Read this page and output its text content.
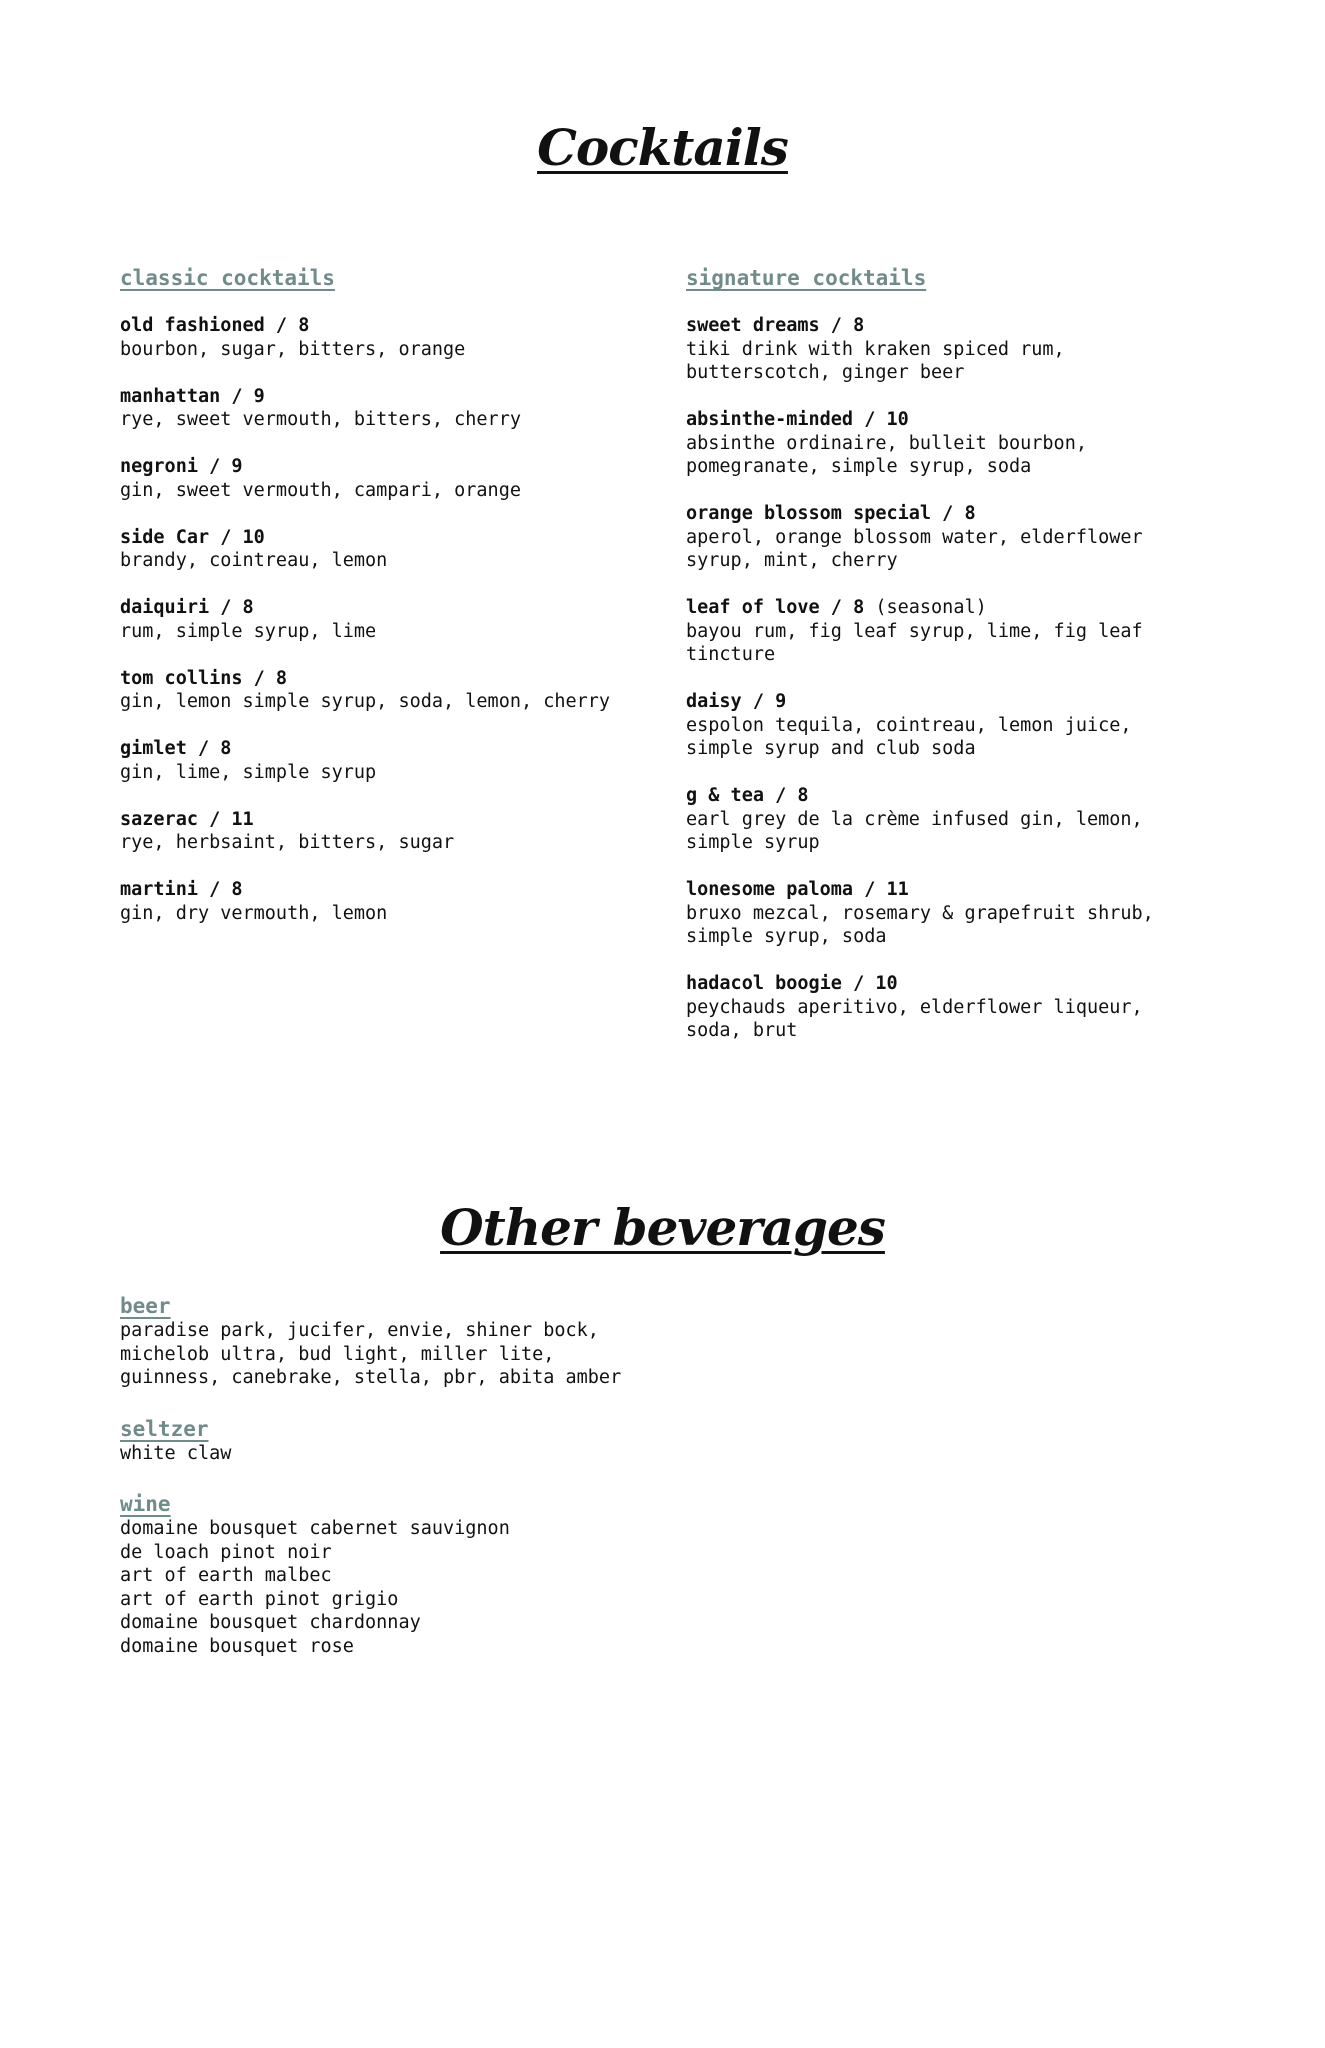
Cocktails
classic cocktails
old fashioned / 8
bourbon, sugar, bitters, orange
manhattan / 9
rye, sweet vermouth, bitters, cherry
negroni / 9
gin, sweet vermouth, campari, orange
side Car / 10
brandy, cointreau, lemon
daiquiri / 8
rum, simple syrup, lime
tom collins / 8
gin, lemon simple syrup, soda, lemon, cherry
gimlet / 8
gin, lime, simple syrup
sazerac / 11
rye, herbsaint, bitters, sugar
martini / 8
gin, dry vermouth, lemon
signature cocktails
sweet dreams / 8
tiki drink with kraken spiced rum,
butterscotch, ginger beer
absinthe-minded / 10
absinthe ordinaire, bulleit bourbon,
pomegranate, simple syrup, soda
orange blossom special / 8
aperol, orange blossom water, elderflower
syrup, mint, cherry
leaf of love / 8 (seasonal)
bayou rum, fig leaf syrup, lime, fig leaf
tincture
daisy / 9
espolon tequila, cointreau, lemon juice,
simple syrup and club soda
g & tea / 8
earl grey de la crème infused gin, lemon,
simple syrup
lonesome paloma / 11
bruxo mezcal, rosemary & grapefruit shrub,
simple syrup, soda
hadacol boogie / 10
peychauds aperitivo, elderflower liqueur,
soda, brut
Other beverages
beer
paradise park, jucifer, envie, shiner bock,
michelob ultra, bud light, miller lite,
guinness, canebrake, stella, pbr, abita amber
seltzer
white claw
wine
domaine bousquet cabernet sauvignon
de loach pinot noir
art of earth malbec
art of earth pinot grigio
domaine bousquet chardonnay
domaine bousquet rose
